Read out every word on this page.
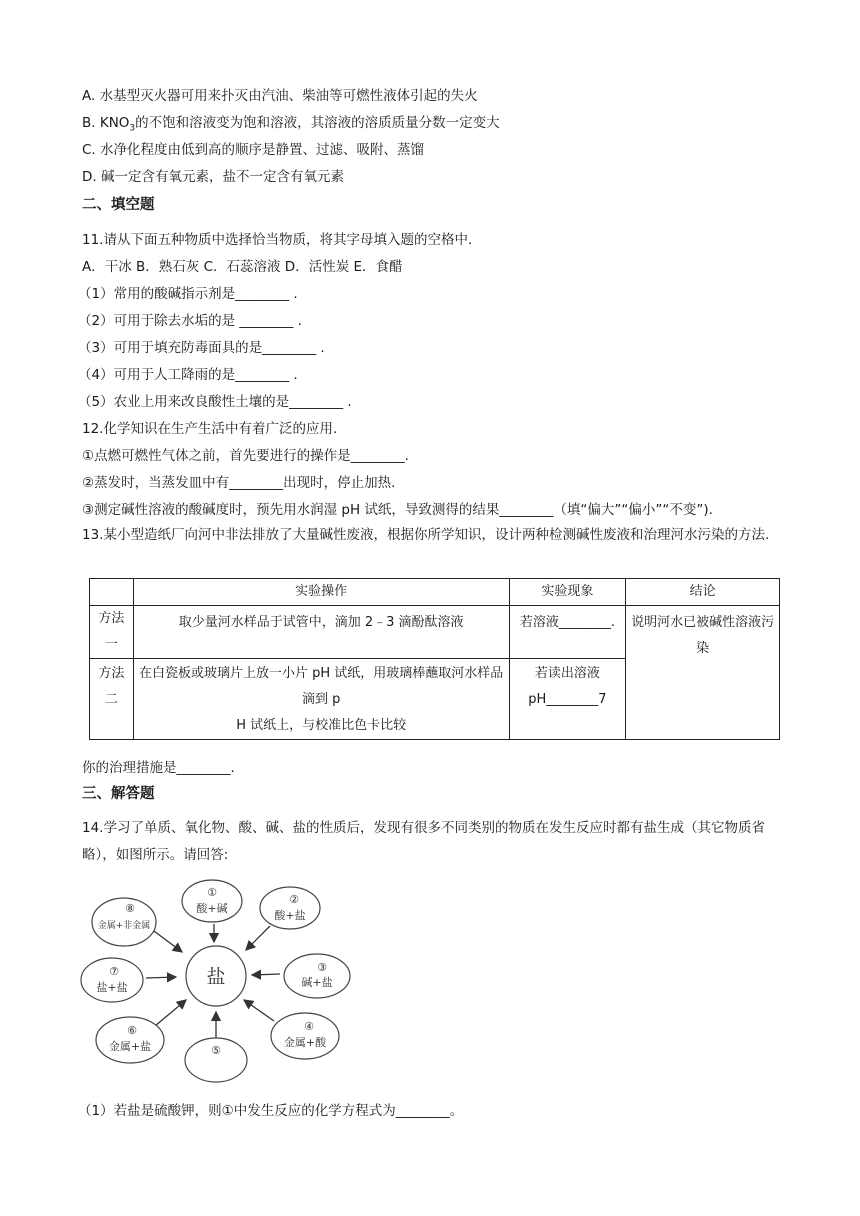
A. 水基型灭火器可用来扑灭由汽油、柴油等可燃性液体引起的失火
B. $KNO_3$的不饱和溶液变为饱和溶液，其溶液的溶质质量分数一定变大
C. 水净化程度由低到高的顺序是静置、过滤、吸附、蒸馏
D. 碱一定含有氧元素，盐不一定含有氧元素
二、填空题
11.请从下面五种物质中选择恰当物质，将其字母填入题的空格中.
A．干冰 B．熟石灰 C．石蕊溶液 D．活性炭 E．食醋
（1）常用的酸碱指示剂是________ .
（2）可用于除去水垢的是 ________ .
（3）可用于填充防毒面具的是________ .
（4）可用于人工降雨的是________ .
（5）农业上用来改良酸性土壤的是________ .
12.化学知识在生产生活中有着广泛的应用.
①点燃可燃性气体之前，首先要进行的操作是________.
②蒸发时，当蒸发皿中有________出现时，停止加热.
③测定碱性溶液的酸碱度时，预先用水润湿 pH 试纸，导致测得的结果________（填“偏大”“偏小”“不变”).
13.某小型造纸厂向河中非法排放了大量碱性废液，根据你所学知识，设计两种检测碱性废液和治理河水污染的方法.
	实验操作	实验现象	结论
方法一	取少量河水样品于试管中，滴加 2﹣3 滴酚酞溶液	若溶液________.	说明河水已被碱性溶液污染
方法二	在白瓷板或玻璃片上放一小片 pH 试纸，用玻璃棒蘸取河水样品滴到 p
H 试纸上，与校准比色卡比较	若读出溶液pH________7	
你的治理措施是________.
三、解答题
14.学习了单质、氧化物、酸、碱、盐的性质后，发现有很多不同类别的物质在发生反应时都有盐生成（其它物质省略），如图所示。请回答:
盐
①
酸+碱
②
酸+盐
③
碱+盐
④
金属+酸
⑤
⑥
金属+盐
⑦
盐+盐
⑧
金属+非金属
（1）若盐是硫酸钾，则①中发生反应的化学方程式为________。
